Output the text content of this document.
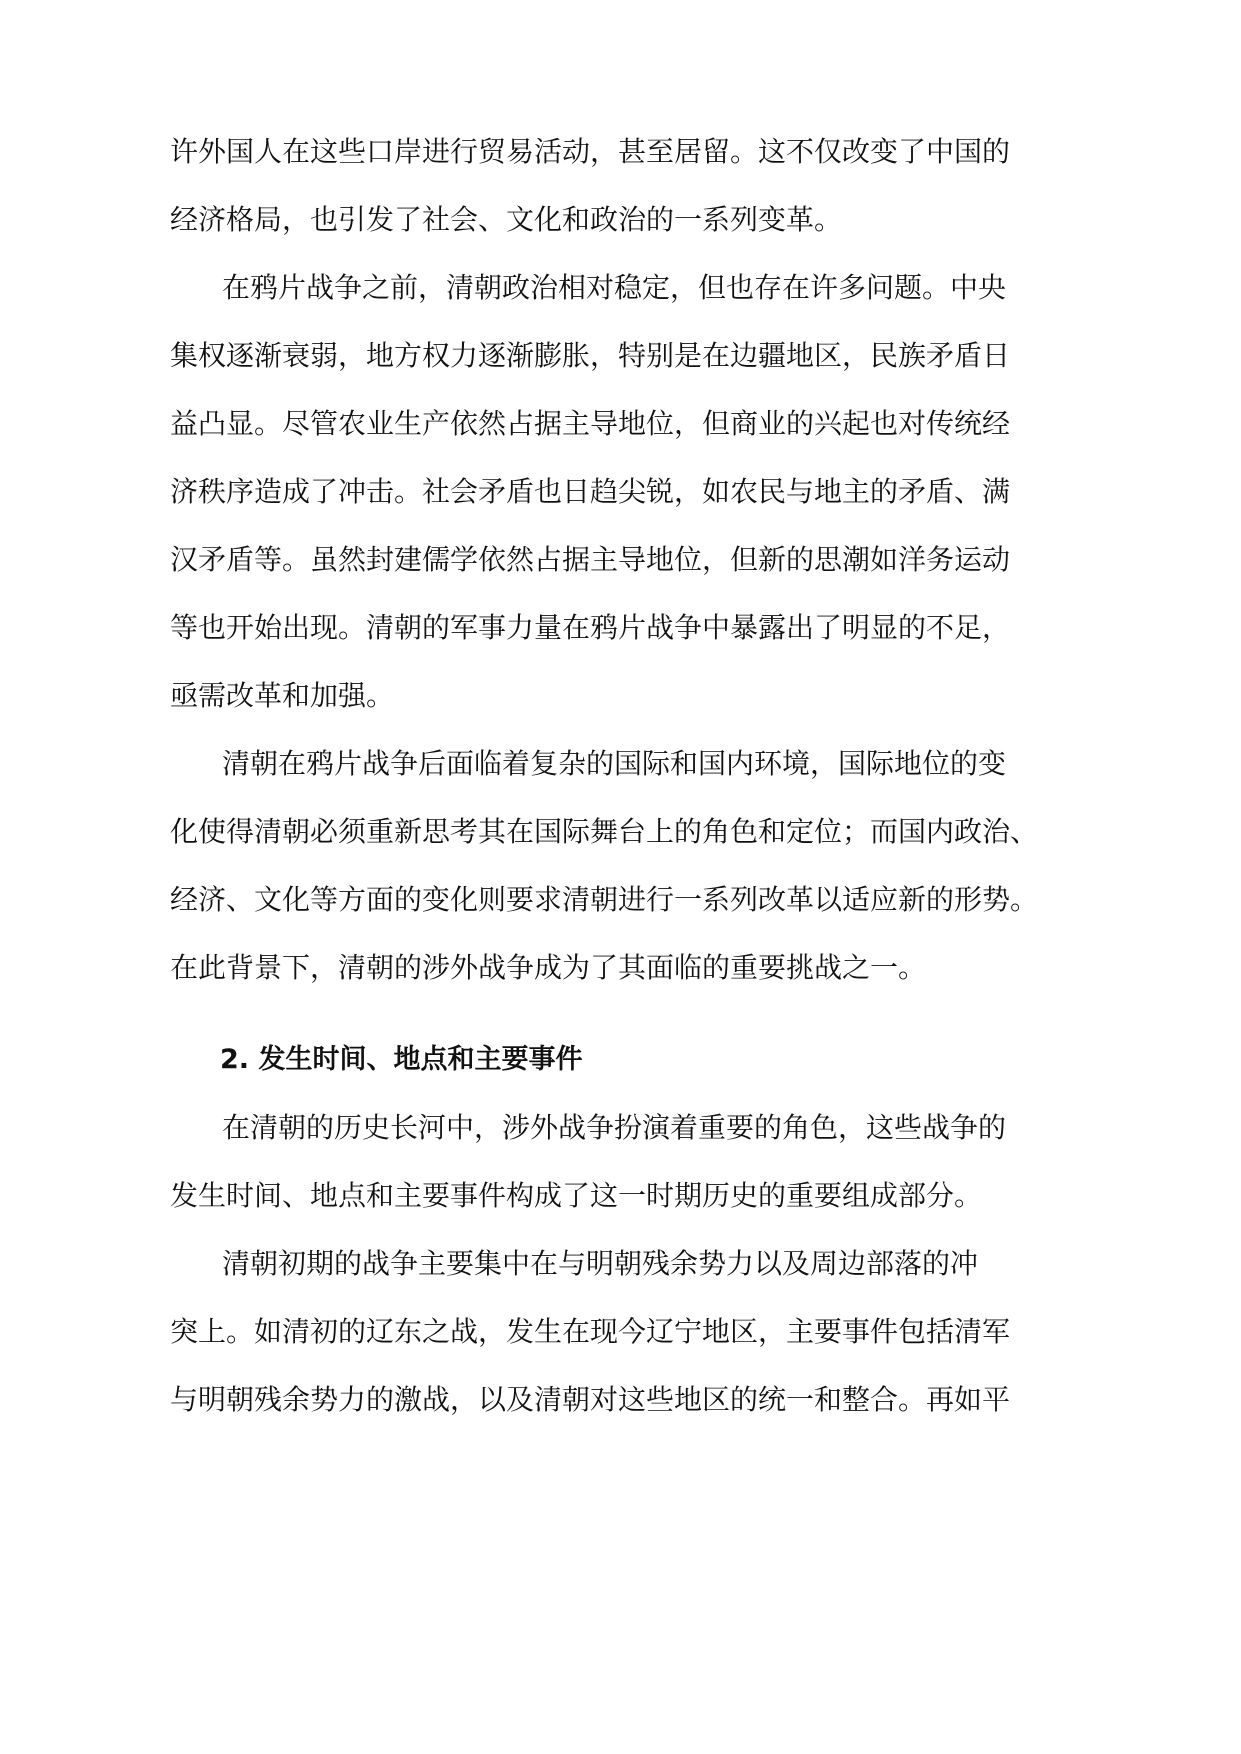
许外国人在这些口岸进行贸易活动，甚至居留。这不仅改变了中国的
经济格局，也引发了社会、文化和政治的一系列变革。
在鸦片战争之前，清朝政治相对稳定，但也存在许多问题。中央
集权逐渐衰弱，地方权力逐渐膨胀，特别是在边疆地区，民族矛盾日
益凸显。尽管农业生产依然占据主导地位，但商业的兴起也对传统经
济秩序造成了冲击。社会矛盾也日趋尖锐，如农民与地主的矛盾、满
汉矛盾等。虽然封建儒学依然占据主导地位，但新的思潮如洋务运动
等也开始出现。清朝的军事力量在鸦片战争中暴露出了明显的不足，
亟需改革和加强。
清朝在鸦片战争后面临着复杂的国际和国内环境，国际地位的变
化使得清朝必须重新思考其在国际舞台上的角色和定位；而国内政治、
经济、文化等方面的变化则要求清朝进行一系列改革以适应新的形势。
在此背景下，清朝的涉外战争成为了其面临的重要挑战之一。
2. 发生时间、地点和主要事件
在清朝的历史长河中，涉外战争扮演着重要的角色，这些战争的
发生时间、地点和主要事件构成了这一时期历史的重要组成部分。
清朝初期的战争主要集中在与明朝残余势力以及周边部落的冲
突上。如清初的辽东之战，发生在现今辽宁地区，主要事件包括清军
与明朝残余势力的激战，以及清朝对这些地区的统一和整合。再如平
